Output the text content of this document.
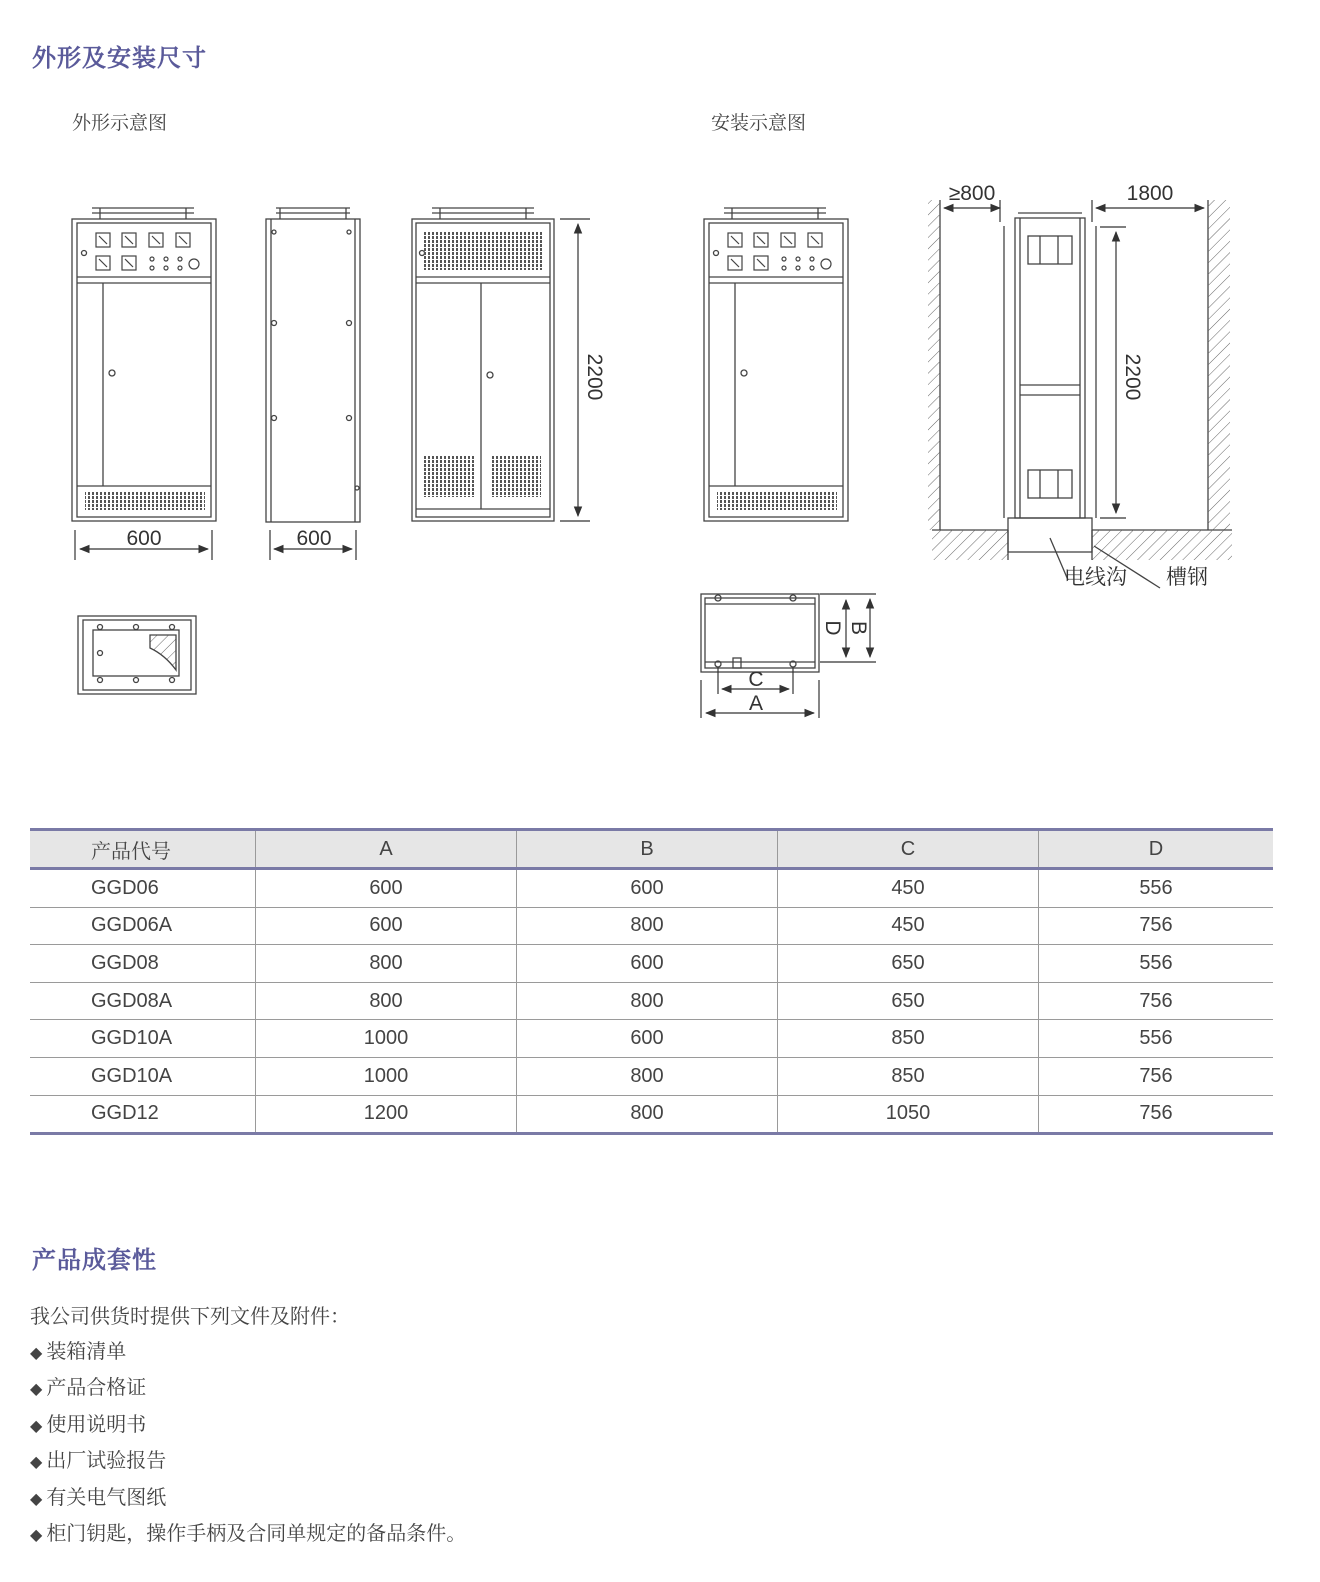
外形及安装尺寸
外形示意图	安装示意图
600	600
2200	2200
≥800	1800
电线沟 槽钢
D B
C
A
产品代号	A	B	C	D
GGD06	600	600	450	556
GGD06A	600	800	450	756
GGD08	800	600	650	556
GGD08A	800	800	650	756
GGD10A	1000	600	850	556
GGD10A	1000	800	850	756
GGD12	1200	800	1050	756
产品成套性
我公司供货时提供下列文件及附件：
◆ 装箱清单
◆ 产品合格证
◆ 使用说明书
◆ 出厂试验报告
◆ 有关电气图纸
◆ 柜门钥匙，操作手柄及合同单规定的备品条件。
